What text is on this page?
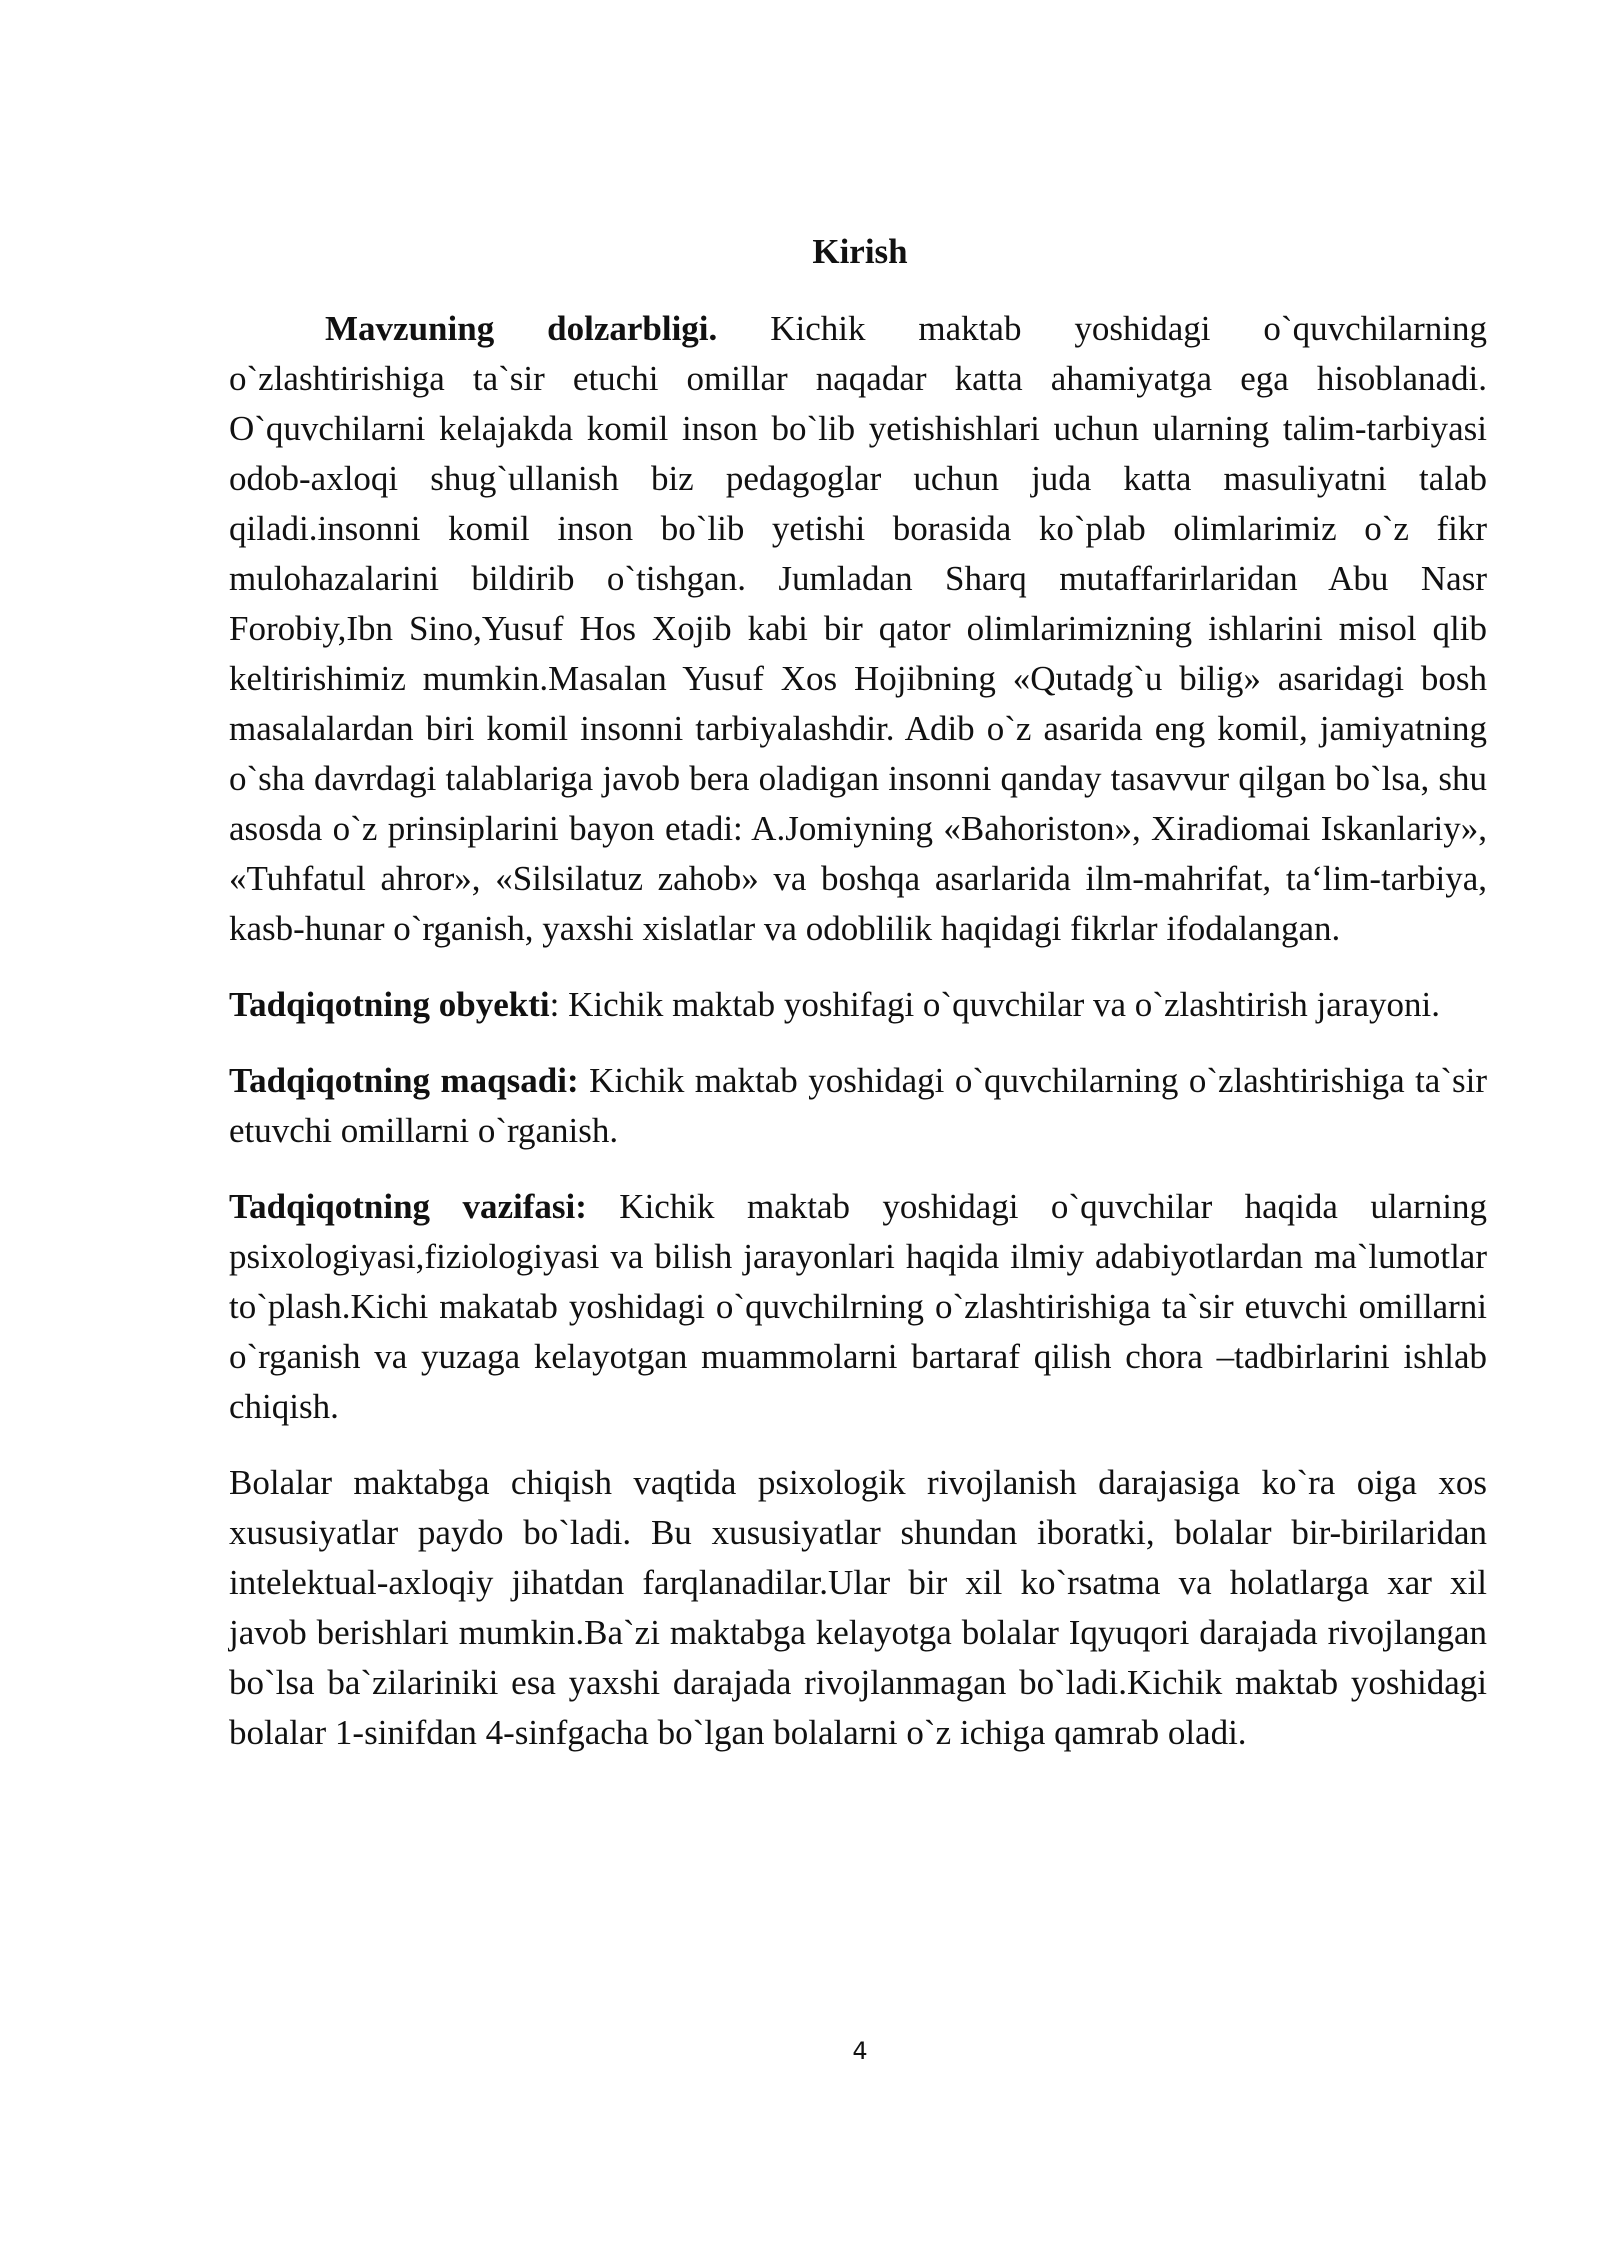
Kirish

Mavzuning dolzarbligi. Kichik maktab yoshidagi o`quvchilarning o`zlashtirishiga ta`sir etuchi omillar naqadar katta ahamiyatga ega hisoblanadi. O`quvchilarni kelajakda komil inson bo`lib yetishishlari uchun ularning talim-tarbiyasi odob-axloqi shug`ullanish biz pedagoglar uchun juda katta masuliyatni talab qiladi.insonni komil inson bo`lib yetishi borasida ko`plab olimlarimiz o`z fikr mulohazalarini bildirib o`tishgan. Jumladan Sharq mutaffarirlaridan Abu Nasr Forobiy,Ibn Sino,Yusuf Hos Xojib kabi bir qator olimlarimizning ishlarini misol qlib keltirishimiz mumkin.Masalan Yusuf Xos Hojibning «Qutadg`u bilig» asaridagi bosh masalalardan biri komil insonni tarbiyalashdir. Adib o`z asarida eng komil, jamiyatning o`sha davrdagi talablariga javob bera oladigan insonni qanday tasavvur qilgan bo`lsa, shu asosda o`z prinsiplarini bayon etadi: A.Jomiyning «Bahoriston», Xiradiomai Iskanlariy», «Tuhfatul ahror», «Silsilatuz zahob» va boshqa asarlarida ilm-mahrifat, ta‘lim-tarbiya, kasb-hunar o`rganish, yaxshi xislatlar va odoblilik haqidagi fikrlar ifodalangan.

Tadqiqotning obyekti: Kichik maktab yoshifagi o`quvchilar va o`zlashtirish jarayoni.

Tadqiqotning maqsadi: Kichik maktab yoshidagi o`quvchilarning o`zlashtirishiga ta`sir etuvchi omillarni o`rganish.

Tadqiqotning vazifasi: Kichik maktab yoshidagi o`quvchilar haqida ularning psixologiyasi,fiziologiyasi va bilish jarayonlari haqida ilmiy adabiyotlardan ma`lumotlar to`plash.Kichi makatab yoshidagi o`quvchilrning o`zlashtirishiga ta`sir etuvchi omillarni o`rganish va yuzaga kelayotgan muammolarni bartaraf qilish chora –tadbirlarini ishlab chiqish.

Bolalar maktabga chiqish vaqtida psixologik rivojlanish darajasiga ko`ra oiga xos xususiyatlar paydo bo`ladi. Bu xususiyatlar shundan iboratki, bolalar bir-birilaridan intelektual-axloqiy jihatdan farqlanadilar.Ular bir xil ko`rsatma va holatlarga xar xil javob berishlari mumkin.Ba`zi maktabga kelayotga bolalar Iqyuqori darajada rivojlangan bo`lsa ba`zilariniki esa yaxshi darajada rivojlanmagan bo`ladi.Kichik maktab yoshidagi bolalar 1-sinifdan 4-sinfgacha bo`lgan bolalarni o`z ichiga qamrab oladi.

4
